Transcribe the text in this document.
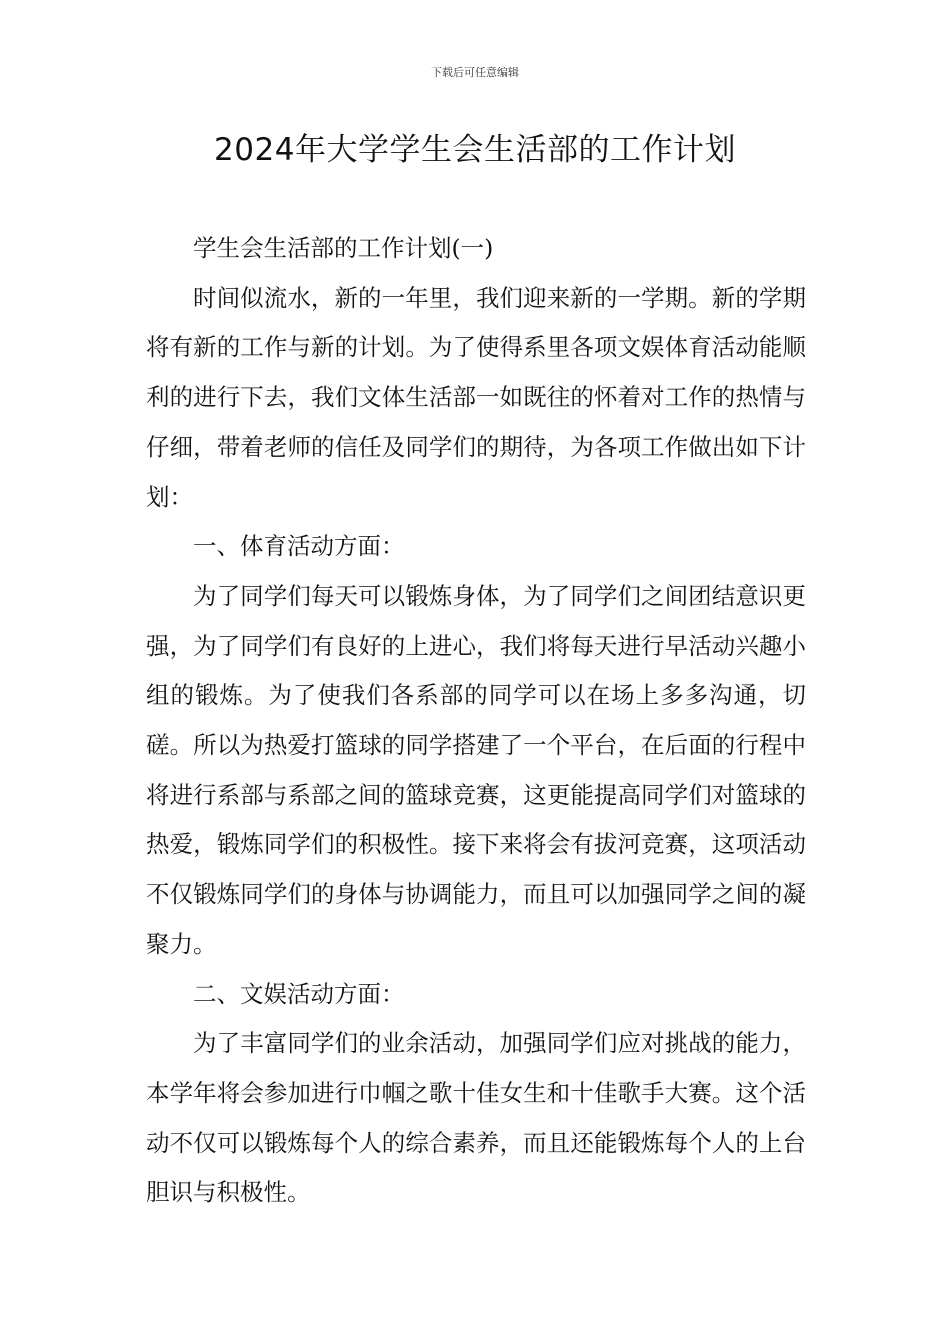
下载后可任意编辑
2024年大学学生会生活部的工作计划

学生会生活部的工作计划(一)

时间似流水，新的一年里，我们迎来新的一学期。新的学期将有新的工作与新的计划。为了使得系里各项文娱体育活动能顺利的进行下去，我们文体生活部一如既往的怀着对工作的热情与仔细，带着老师的信任及同学们的期待，为各项工作做出如下计划：

一、体育活动方面：

为了同学们每天可以锻炼身体，为了同学们之间团结意识更强，为了同学们有良好的上进心，我们将每天进行早活动兴趣小组的锻炼。为了使我们各系部的同学可以在场上多多沟通，切磋。所以为热爱打篮球的同学搭建了一个平台，在后面的行程中将进行系部与系部之间的篮球竞赛，这更能提高同学们对篮球的热爱，锻炼同学们的积极性。接下来将会有拔河竞赛，这项活动不仅锻炼同学们的身体与协调能力，而且可以加强同学之间的凝聚力。

二、文娱活动方面：

为了丰富同学们的业余活动，加强同学们应对挑战的能力，本学年将会参加进行巾帼之歌十佳女生和十佳歌手大赛。这个活动不仅可以锻炼每个人的综合素养，而且还能锻炼每个人的上台胆识与积极性。
